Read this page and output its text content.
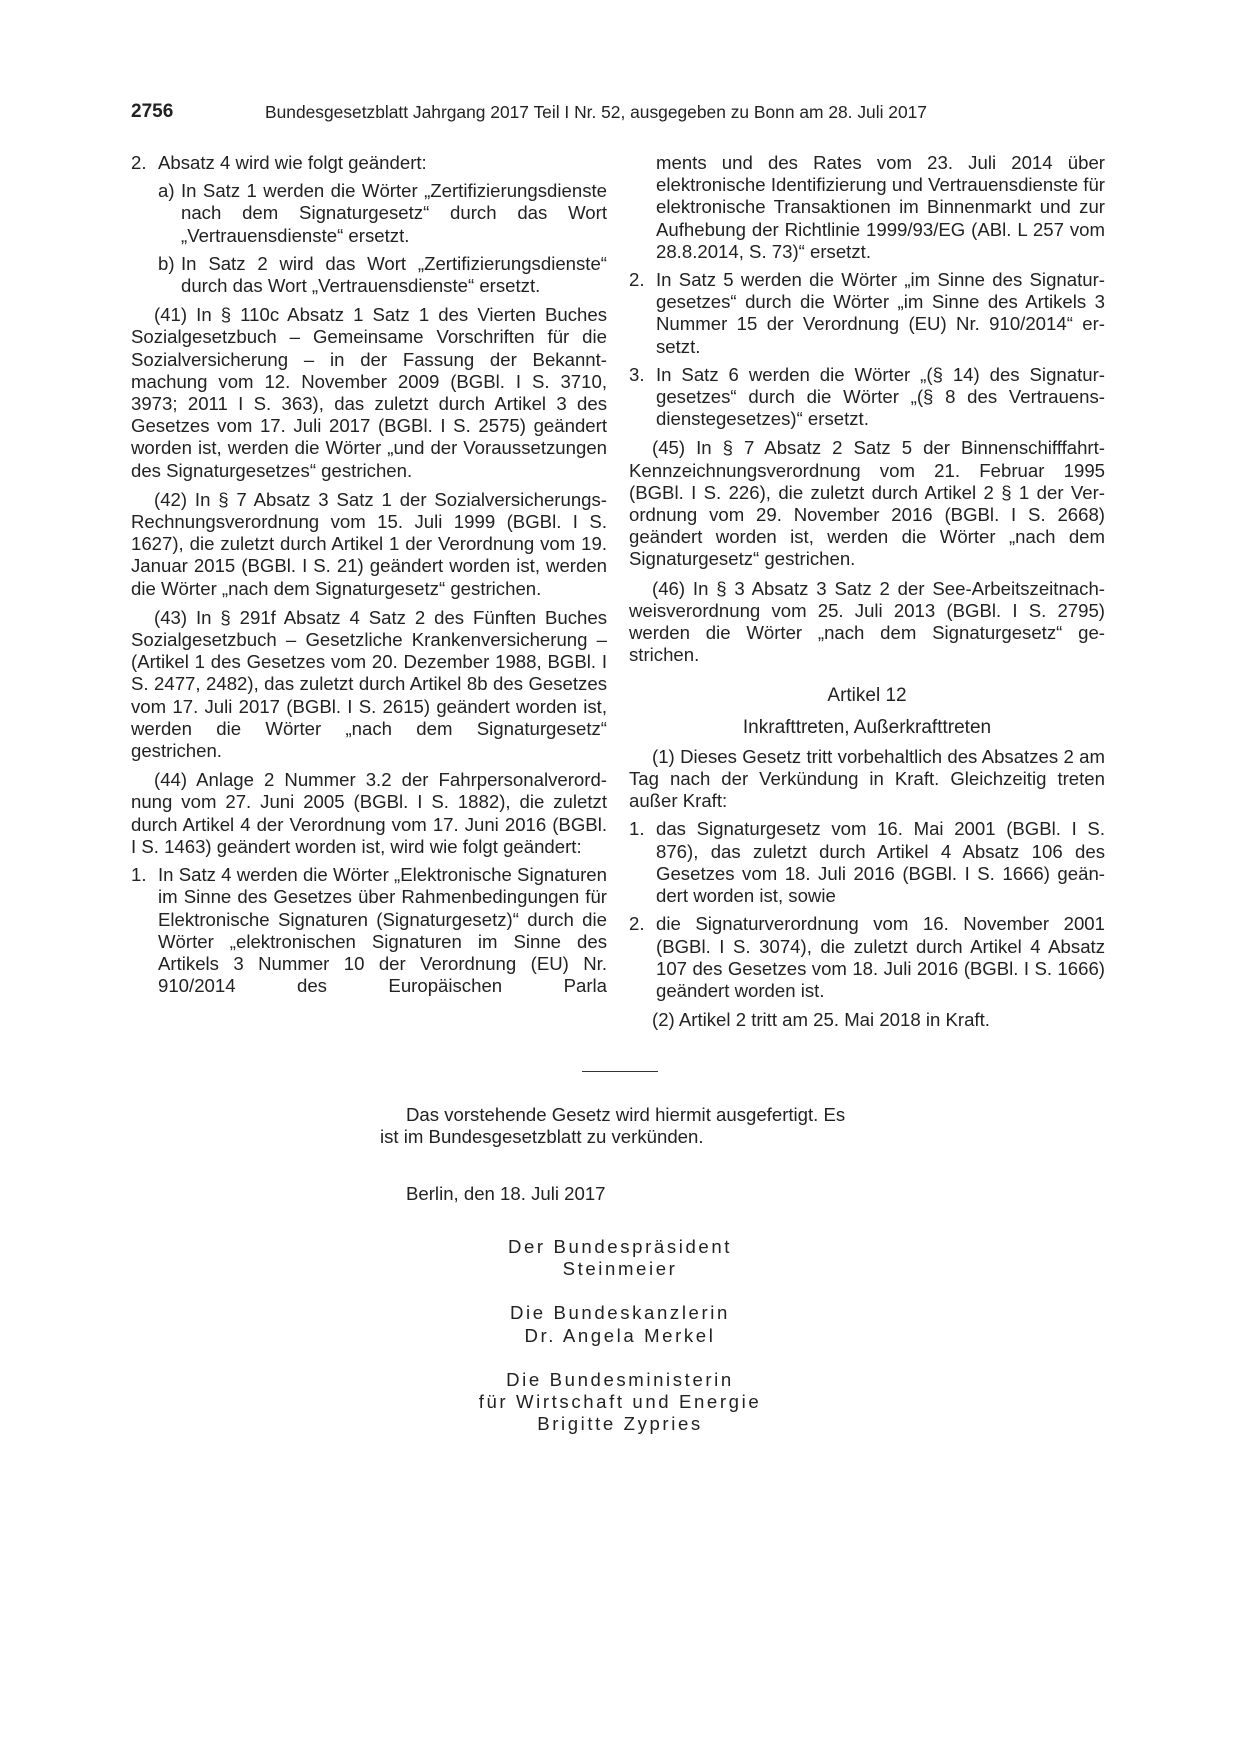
2756	Bundesgesetzblatt Jahrgang 2017 Teil I Nr. 52, ausgegeben zu Bonn am 28. Juli 2017
2. Absatz 4 wird wie folgt geändert:
a) In Satz 1 werden die Wörter „Zertifizierungsdienste nach dem Signaturgesetz“ durch das Wort „Vertrauensdienste“ ersetzt.
b) In Satz 2 wird das Wort „Zertifizierungsdienste“ durch das Wort „Vertrauensdienste“ ersetzt.

(41) In § 110c Absatz 1 Satz 1 des Vierten Buches Sozialgesetzbuch – Gemeinsame Vorschriften für die Sozialversicherung – in der Fassung der Bekanntmachung vom 12. November 2009 (BGBl. I S. 3710, 3973; 2011 I S. 363), das zuletzt durch Artikel 3 des Gesetzes vom 17. Juli 2017 (BGBl. I S. 2575) geändert worden ist, werden die Wörter „und der Voraussetzungen des Signaturgesetzes“ gestrichen.

(42) In § 7 Absatz 3 Satz 1 der Sozialversicherungs-Rechnungsverordnung vom 15. Juli 1999 (BGBl. I S. 1627), die zuletzt durch Artikel 1 der Verordnung vom 19. Januar 2015 (BGBl. I S. 21) geändert worden ist, werden die Wörter „nach dem Signaturgesetz“ gestrichen.

(43) In § 291f Absatz 4 Satz 2 des Fünften Buches Sozialgesetzbuch – Gesetzliche Krankenversicherung – (Artikel 1 des Gesetzes vom 20. Dezember 1988, BGBl. I S. 2477, 2482), das zuletzt durch Artikel 8b des Gesetzes vom 17. Juli 2017 (BGBl. I S. 2615) geändert worden ist, werden die Wörter „nach dem Signaturgesetz“ gestrichen.

(44) Anlage 2 Nummer 3.2 der Fahrpersonalverordnung vom 27. Juni 2005 (BGBl. I S. 1882), die zuletzt durch Artikel 4 der Verordnung vom 17. Juni 2016 (BGBl. I S. 1463) geändert worden ist, wird wie folgt geändert:

1. In Satz 4 werden die Wörter „Elektronische Signaturen im Sinne des Gesetzes über Rahmenbedingungen für Elektronische Signaturen (Signaturgesetz)“ durch die Wörter „elektronischen Signaturen im Sinne des Artikels 3 Nummer 10 der Verordnung (EU) Nr. 910/2014 des Europäischen Parla
ments und des Rates vom 23. Juli 2014 über elektronische Identifizierung und Vertrauensdienste für elektronische Transaktionen im Binnenmarkt und zur Aufhebung der Richtlinie 1999/93/EG (ABl. L 257 vom 28.8.2014, S. 73)“ ersetzt.
2. In Satz 5 werden die Wörter „im Sinne des Signaturgesetzes“ durch die Wörter „im Sinne des Artikels 3 Nummer 15 der Verordnung (EU) Nr. 910/2014“ ersetzt.
3. In Satz 6 werden die Wörter „(§ 14) des Signaturgesetzes“ durch die Wörter „(§ 8 des Vertrauensdienstegesetzes)“ ersetzt.

(45) In § 7 Absatz 2 Satz 5 der Binnenschifffahrt-Kennzeichnungsverordnung vom 21. Februar 1995 (BGBl. I S. 226), die zuletzt durch Artikel 2 § 1 der Verordnung vom 29. November 2016 (BGBl. I S. 2668) geändert worden ist, werden die Wörter „nach dem Signaturgesetz“ gestrichen.

(46) In § 3 Absatz 3 Satz 2 der See-Arbeitszeitnachweisverordnung vom 25. Juli 2013 (BGBl. I S. 2795) werden die Wörter „nach dem Signaturgesetz“ gestrichen.

Artikel 12

Inkrafttreten, Außerkrafttreten

(1) Dieses Gesetz tritt vorbehaltlich des Absatzes 2 am Tag nach der Verkündung in Kraft. Gleichzeitig treten außer Kraft:

1. das Signaturgesetz vom 16. Mai 2001 (BGBl. I S. 876), das zuletzt durch Artikel 4 Absatz 106 des Gesetzes vom 18. Juli 2016 (BGBl. I S. 1666) geändert worden ist, sowie
2. die Signaturverordnung vom 16. November 2001 (BGBl. I S. 3074), die zuletzt durch Artikel 4 Absatz 107 des Gesetzes vom 18. Juli 2016 (BGBl. I S. 1666) geändert worden ist.

(2) Artikel 2 tritt am 25. Mai 2018 in Kraft.

Das vorstehende Gesetz wird hiermit ausgefertigt. Es

ist im Bundesgesetzblatt zu verkünden.

Berlin, den 18. Juli 2017

Der Bundespräsident

Steinmeier

Die Bundeskanzlerin

Dr. Angela Merkel

Die Bundesministerin

für Wirtschaft und Energie

Brigitte Zypries
